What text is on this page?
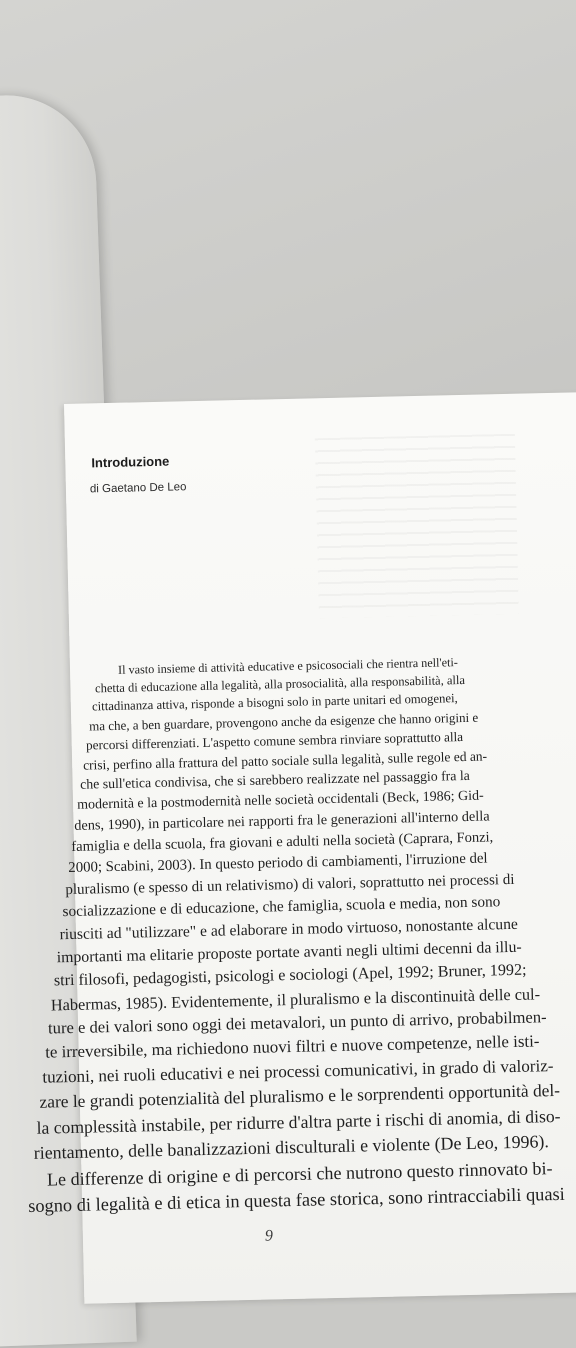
Introduzione
di Gaetano De Leo
Il vasto insieme di attività educative e psicosociali che rientra nell'eti-
chetta di educazione alla legalità, alla prosocialità, alla responsabilità, alla
cittadinanza attiva, risponde a bisogni solo in parte unitari ed omogenei,
ma che, a ben guardare, provengono anche da esigenze che hanno origini e
percorsi differenziati. L'aspetto comune sembra rinviare soprattutto alla
crisi, perfino alla frattura del patto sociale sulla legalità, sulle regole ed an-
che sull'etica condivisa, che si sarebbero realizzate nel passaggio fra la
modernità e la postmodernità nelle società occidentali (Beck, 1986; Gid-
dens, 1990), in particolare nei rapporti fra le generazioni all'interno della
famiglia e della scuola, fra giovani e adulti nella società (Caprara, Fonzi,
2000; Scabini, 2003). In questo periodo di cambiamenti, l'irruzione del
pluralismo (e spesso di un relativismo) di valori, soprattutto nei processi di
socializzazione e di educazione, che famiglia, scuola e media, non sono
riusciti ad "utilizzare" e ad elaborare in modo virtuoso, nonostante alcune
importanti ma elitarie proposte portate avanti negli ultimi decenni da illu-
stri filosofi, pedagogisti, psicologi e sociologi (Apel, 1992; Bruner, 1992;
Habermas, 1985). Evidentemente, il pluralismo e la discontinuità delle cul-
ture e dei valori sono oggi dei metavalori, un punto di arrivo, probabilmen-
te irreversibile, ma richiedono nuovi filtri e nuove competenze, nelle isti-
tuzioni, nei ruoli educativi e nei processi comunicativi, in grado di valoriz-
zare le grandi potenzialità del pluralismo e le sorprendenti opportunità del-
la complessità instabile, per ridurre d'altra parte i rischi di anomia, di diso-
rientamento, delle banalizzazioni disculturali e violente (De Leo, 1996).
Le differenze di origine e di percorsi che nutrono questo rinnovato bi-
sogno di legalità e di etica in questa fase storica, sono rintracciabili quasi
9
